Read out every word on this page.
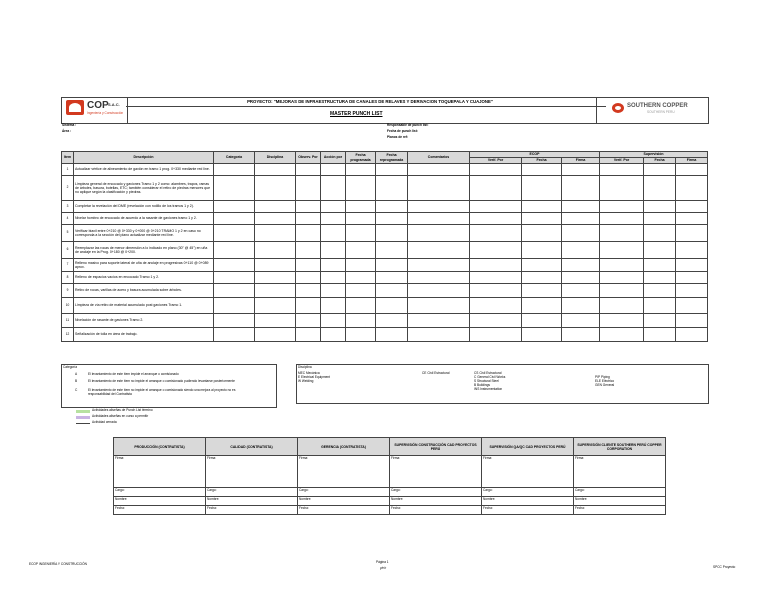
COP S.A.C.
Ingeniería y Construcción
PROYECTO: "MEJORAS DE INFRAESTRUCTURA DE CANALES DE RELAVES Y DERIVACION TOQUEPALA Y CUAJONE"
MASTER PUNCH LIST
SOUTHERN COPPER
SOUTHERN PERU
Sistema :
Área :
Responsable de punch list:
Fecha de punch list:
Planos de ref:
Item	Descripción	Categoría	Disciplina	Observ. Por	Acción por	Fecha programada	Fecha reprogramada	Comentarios	ECOP			Supervisión		
									Verif. Por	Fecha	Firma	Verif. Por	Fecha	Firma
1	Actualizar vértice de alineamiento de gavión en tramo 1 prog. 0+330 mediante red line.													
2	Limpieza general de encocado y gaviones Tramo 1 y 2 como: alambres, trapos, ramas de árboles, basura, botellas, ETC; también considerar el retiro de piedras menores que no aplique según la clasificación y piedras.													
3	Completar la revelación del DME (revelación con rodillo de los tramos 1 y 2).													
4	Nivelar hombro de encocado de acuerdo a la rasante de gaviones tramo 1 y 2.													
5	Verificar biaxil entre 0+210 @ 0+330 y 0+000 @ 0+210 TRAMO 1 y 2 en caso no corresponda a la sección del plano actualizar mediante red line.													
6	Reemplazar las rocas de menor dimensión a lo indicado en plano (30" @ 45") en uña de anclaje en la Prog. 0+180 @ 0+200.													
7	Relleno masivo para soporte lateral de uña de anclaje en progresivas 0+110 @ 0+089 aprox.													
8	Relleno de espacios vacíos en encocado Tramo 1 y 2.													
9	Retiro de rocas, varillas de acero y basura acumulada sobre árboles.													
10	Limpieza de vía retiro de material acumulado post gaviones Tramo 1.													
11	Nivelación de rasante de gaviones Tramo 2.													
12	Señalización de tolla en área de trabajo.													
Categoría
A	El levantamiento de este ítem impide el arranque o comisionado
B	El levantamiento de este ítem no impide el arranque o comisionado pudiendo levantarse posteriormente
C	El levantamiento de este ítem no impide el arranque o comisionado siendo una mejora al proyecto no es responsabilidad del Contratista
Disciplina
MEC Mecánica
E Electrical Equipment
W Welding
CE Civil Estructural	CS Civil Estructural
C General Civil Works
S Structural Steel
B Buildings
INS Instrumentation
PIP Piping
ELE Eléctrico
GEN General
Actividades aliseñas de Punch List término
Actividades aliseñas en curso a permitir
Actividad cerrada
PRODUCCIÓN (CONTRATISTA)	CALIDAD (CONTRATISTA)	GERENCIA (CONTRATISTA)	SUPERVISIÓN CONSTRUCCIÓN CAD PROYECTOS PERÚ	SUPERVISIÓN QA/QC CAD PROYECTOS PERÚ	SUPERVISIÓN CLIENTE SOUTHERN PERÚ COPPER CORPORATION
Firma:	Firma:	Firma:	Firma:	Firma:	Firma:
Cargo:	Cargo:	Cargo:	Cargo:	Cargo:	Cargo:
Nombre:	Nombre:	Nombre:	Nombre:	Nombre:	Nombre:
Fecha:	Fecha:	Fecha:	Fecha:	Fecha:	Fecha:
ECOP INGENIERÍA Y CONSTRUCCIÓN	Página 1
y/n/r	SPCC Proyecto
